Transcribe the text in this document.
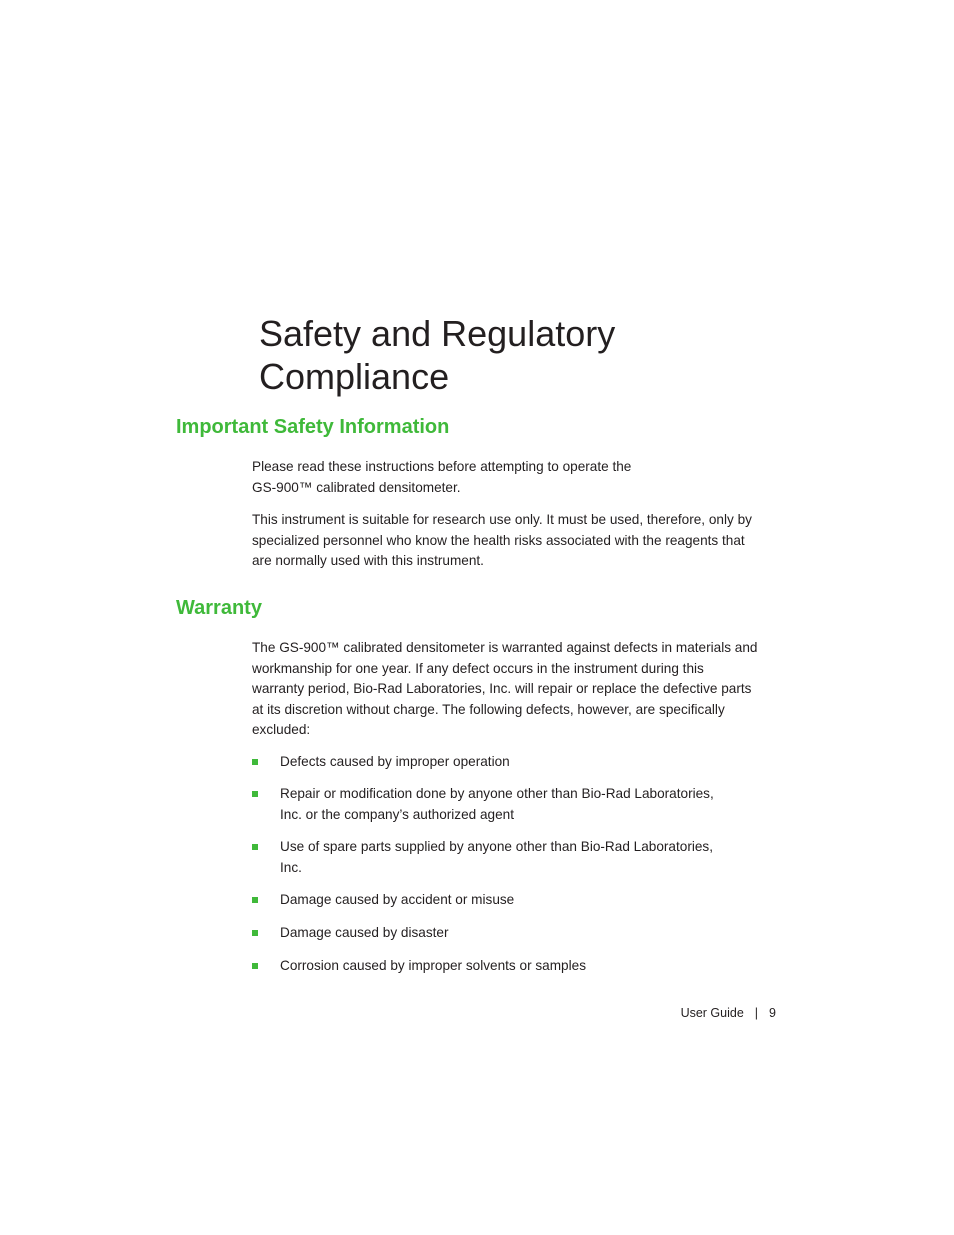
Safety and Regulatory
Compliance
Important Safety Information

Please read these instructions before attempting to operate the
GS-900™ calibrated densitometer.

This instrument is suitable for research use only. It must be used, therefore, only by
specialized personnel who know the health risks associated with the reagents that
are normally used with this instrument.

Warranty

The GS-900™ calibrated densitometer is warranted against defects in materials and
workmanship for one year. If any defect occurs in the instrument during this
warranty period, Bio-Rad Laboratories, Inc. will repair or replace the defective parts
at its discretion without charge. The following defects, however, are specifically
excluded:

Defects caused by improper operation
Repair or modification done by anyone other than Bio-Rad Laboratories,
Inc. or the company’s authorized agent
Use of spare parts supplied by anyone other than Bio-Rad Laboratories,
Inc.
Damage caused by accident or misuse
Damage caused by disaster
Corrosion caused by improper solvents or samples
User Guide | 9
